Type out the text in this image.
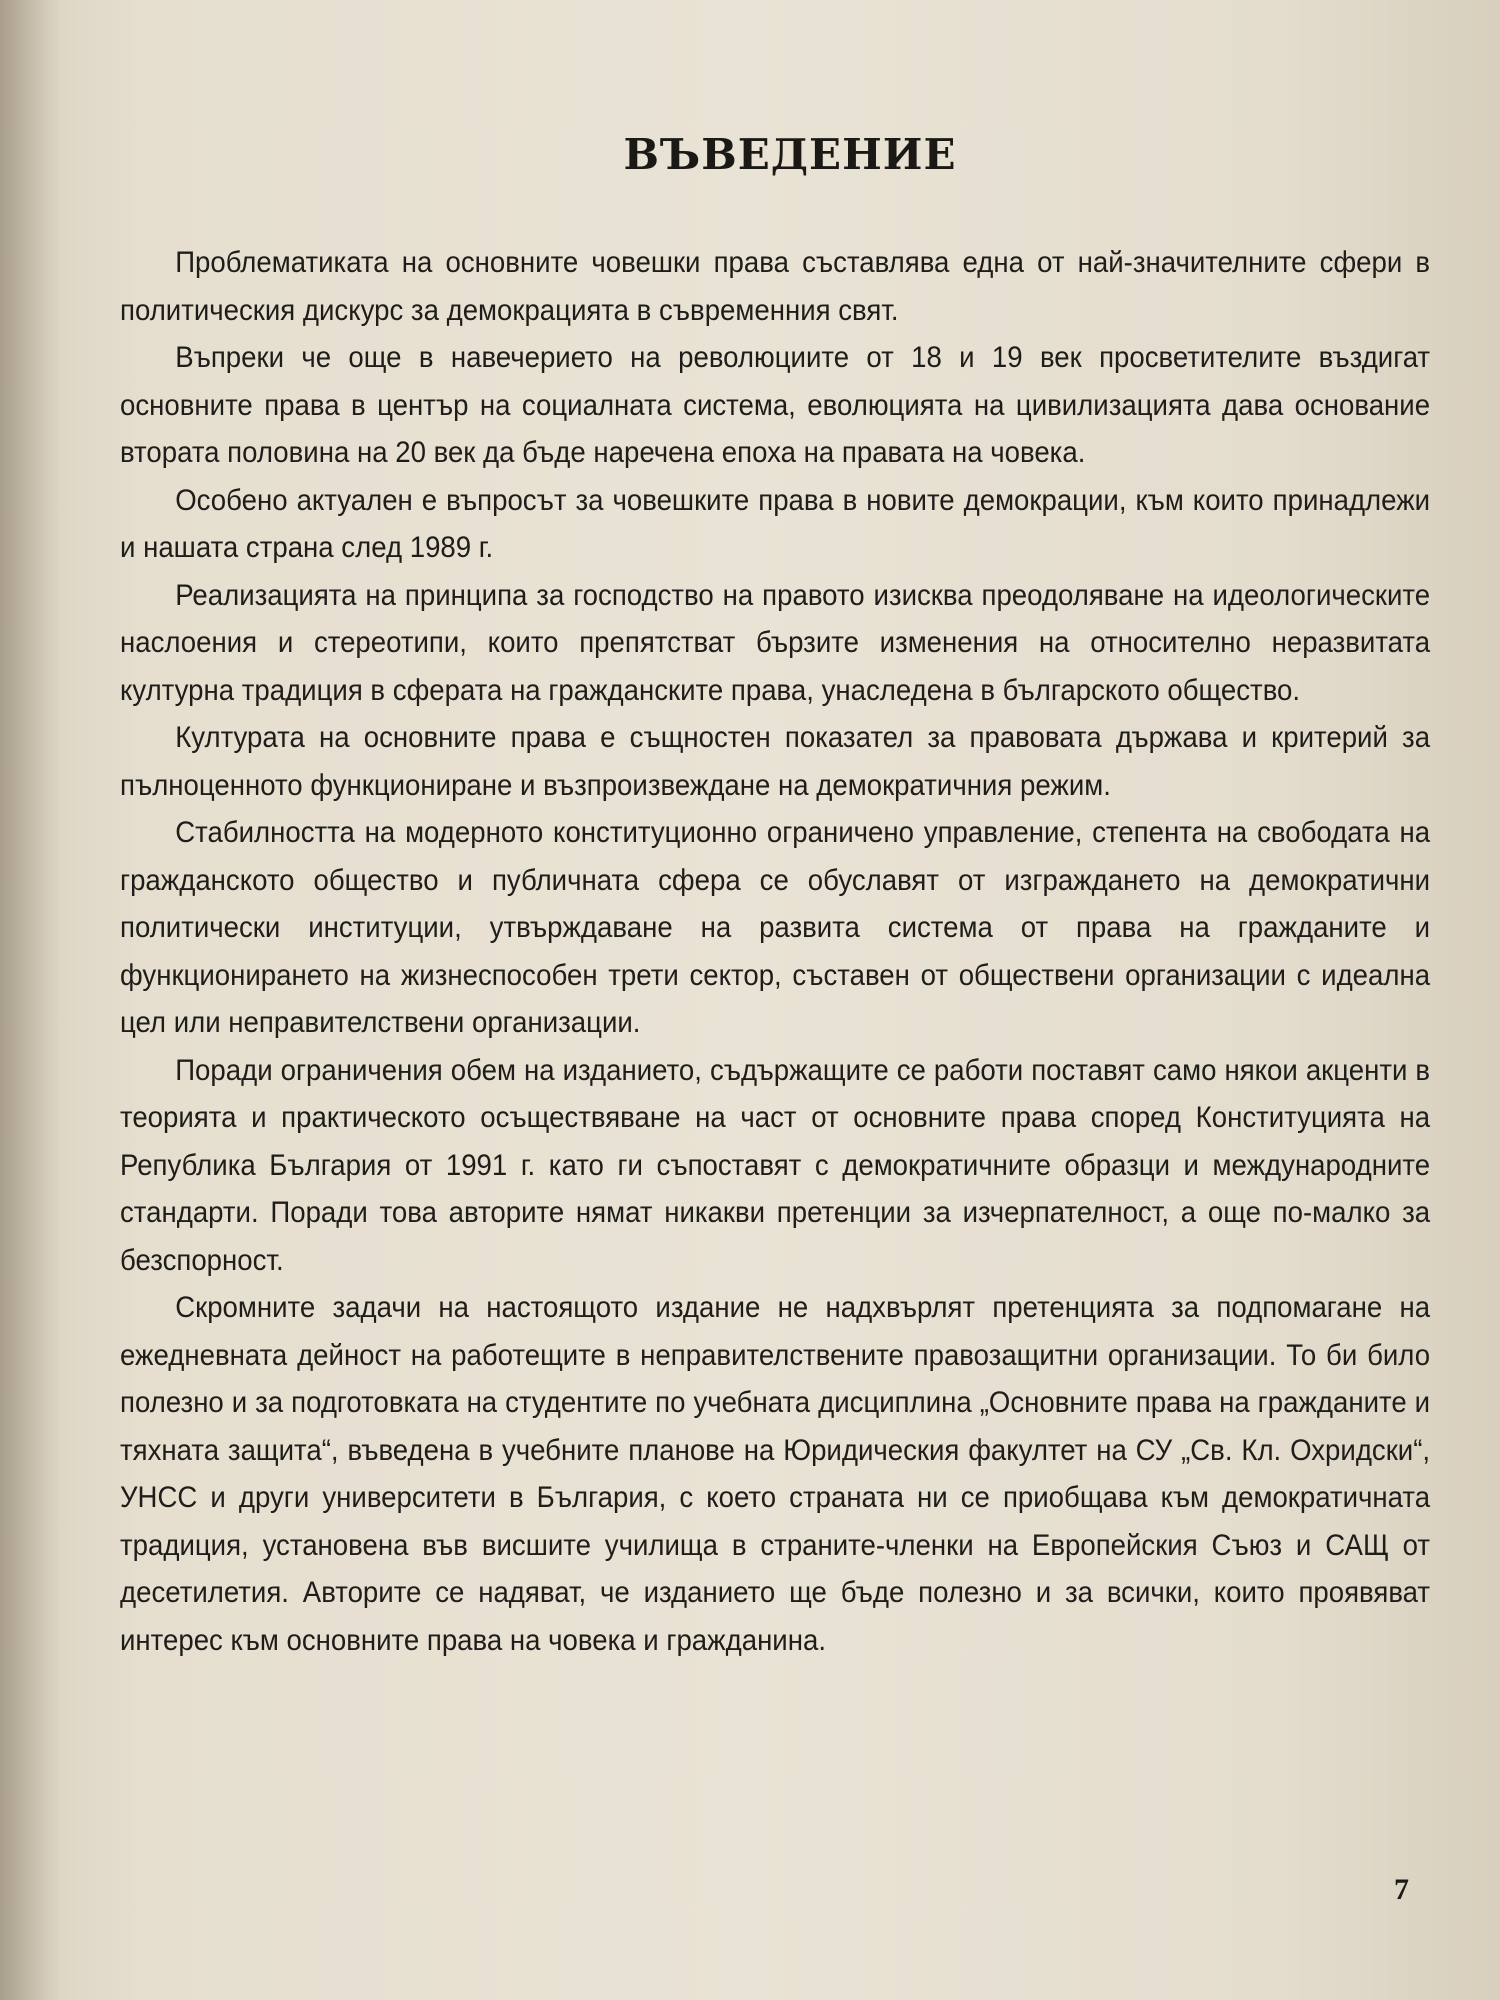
ВЪВЕДЕНИЕ

Проблематиката на основните човешки права съставлява една от най-значителните сфери в политическия дискурс за демокрацията в съвременния свят.

Въпреки че още в навечерието на революциите от 18 и 19 век просветителите въздигат основните права в център на социалната система, еволюцията на цивилизацията дава основание втората половина на 20 век да бъде наречена епоха на правата на човека.

Особено актуален е въпросът за човешките права в новите демокрации, към които принадлежи и нашата страна след 1989 г.

Реализацията на принципа за господство на правото изисква преодоляване на идеологическите наслоения и стереотипи, които препятстват бързите изменения на относително неразвитата културна традиция в сферата на гражданските права, унаследена в българското общество.

Културата на основните права е същностен показател за правовата държава и критерий за пълноценното функциониране и възпроизвеждане на демократичния режим.

Стабилността на модерното конституционно ограничено управление, степента на свободата на гражданското общество и публичната сфера се обуславят от изграждането на демократични политически институции, утвърждаване на развита система от права на гражданите и функционирането на жизнеспособен трети сектор, съставен от обществени организации с идеална цел или неправителствени организации.

Поради ограничения обем на изданието, съдържащите се работи поставят само някои акценти в теорията и практическото осъществяване на част от основните права според Конституцията на Република България от 1991 г. като ги съпоставят с демократичните образци и международните стандарти. Поради това авторите нямат никакви претенции за изчерпателност, а още по-малко за безспорност.

Скромните задачи на настоящото издание не надхвърлят претенцията за подпомагане на ежедневната дейност на работещите в неправителствените правозащитни организации. То би било полезно и за подготовката на студентите по учебната дисциплина „Основните права на гражданите и тяхната защита“, въведена в учебните планове на Юридическия факултет на СУ „Св. Кл. Охридски“, УНСС и други университети в България, с което страната ни се приобщава към демократичната традиция, установена във висшите училища в страните-членки на Европейския Съюз и САЩ от десетилетия. Авторите се надяват, че изданието ще бъде полезно и за всички, които проявяват интерес към основните права на човека и гражданина.

7
